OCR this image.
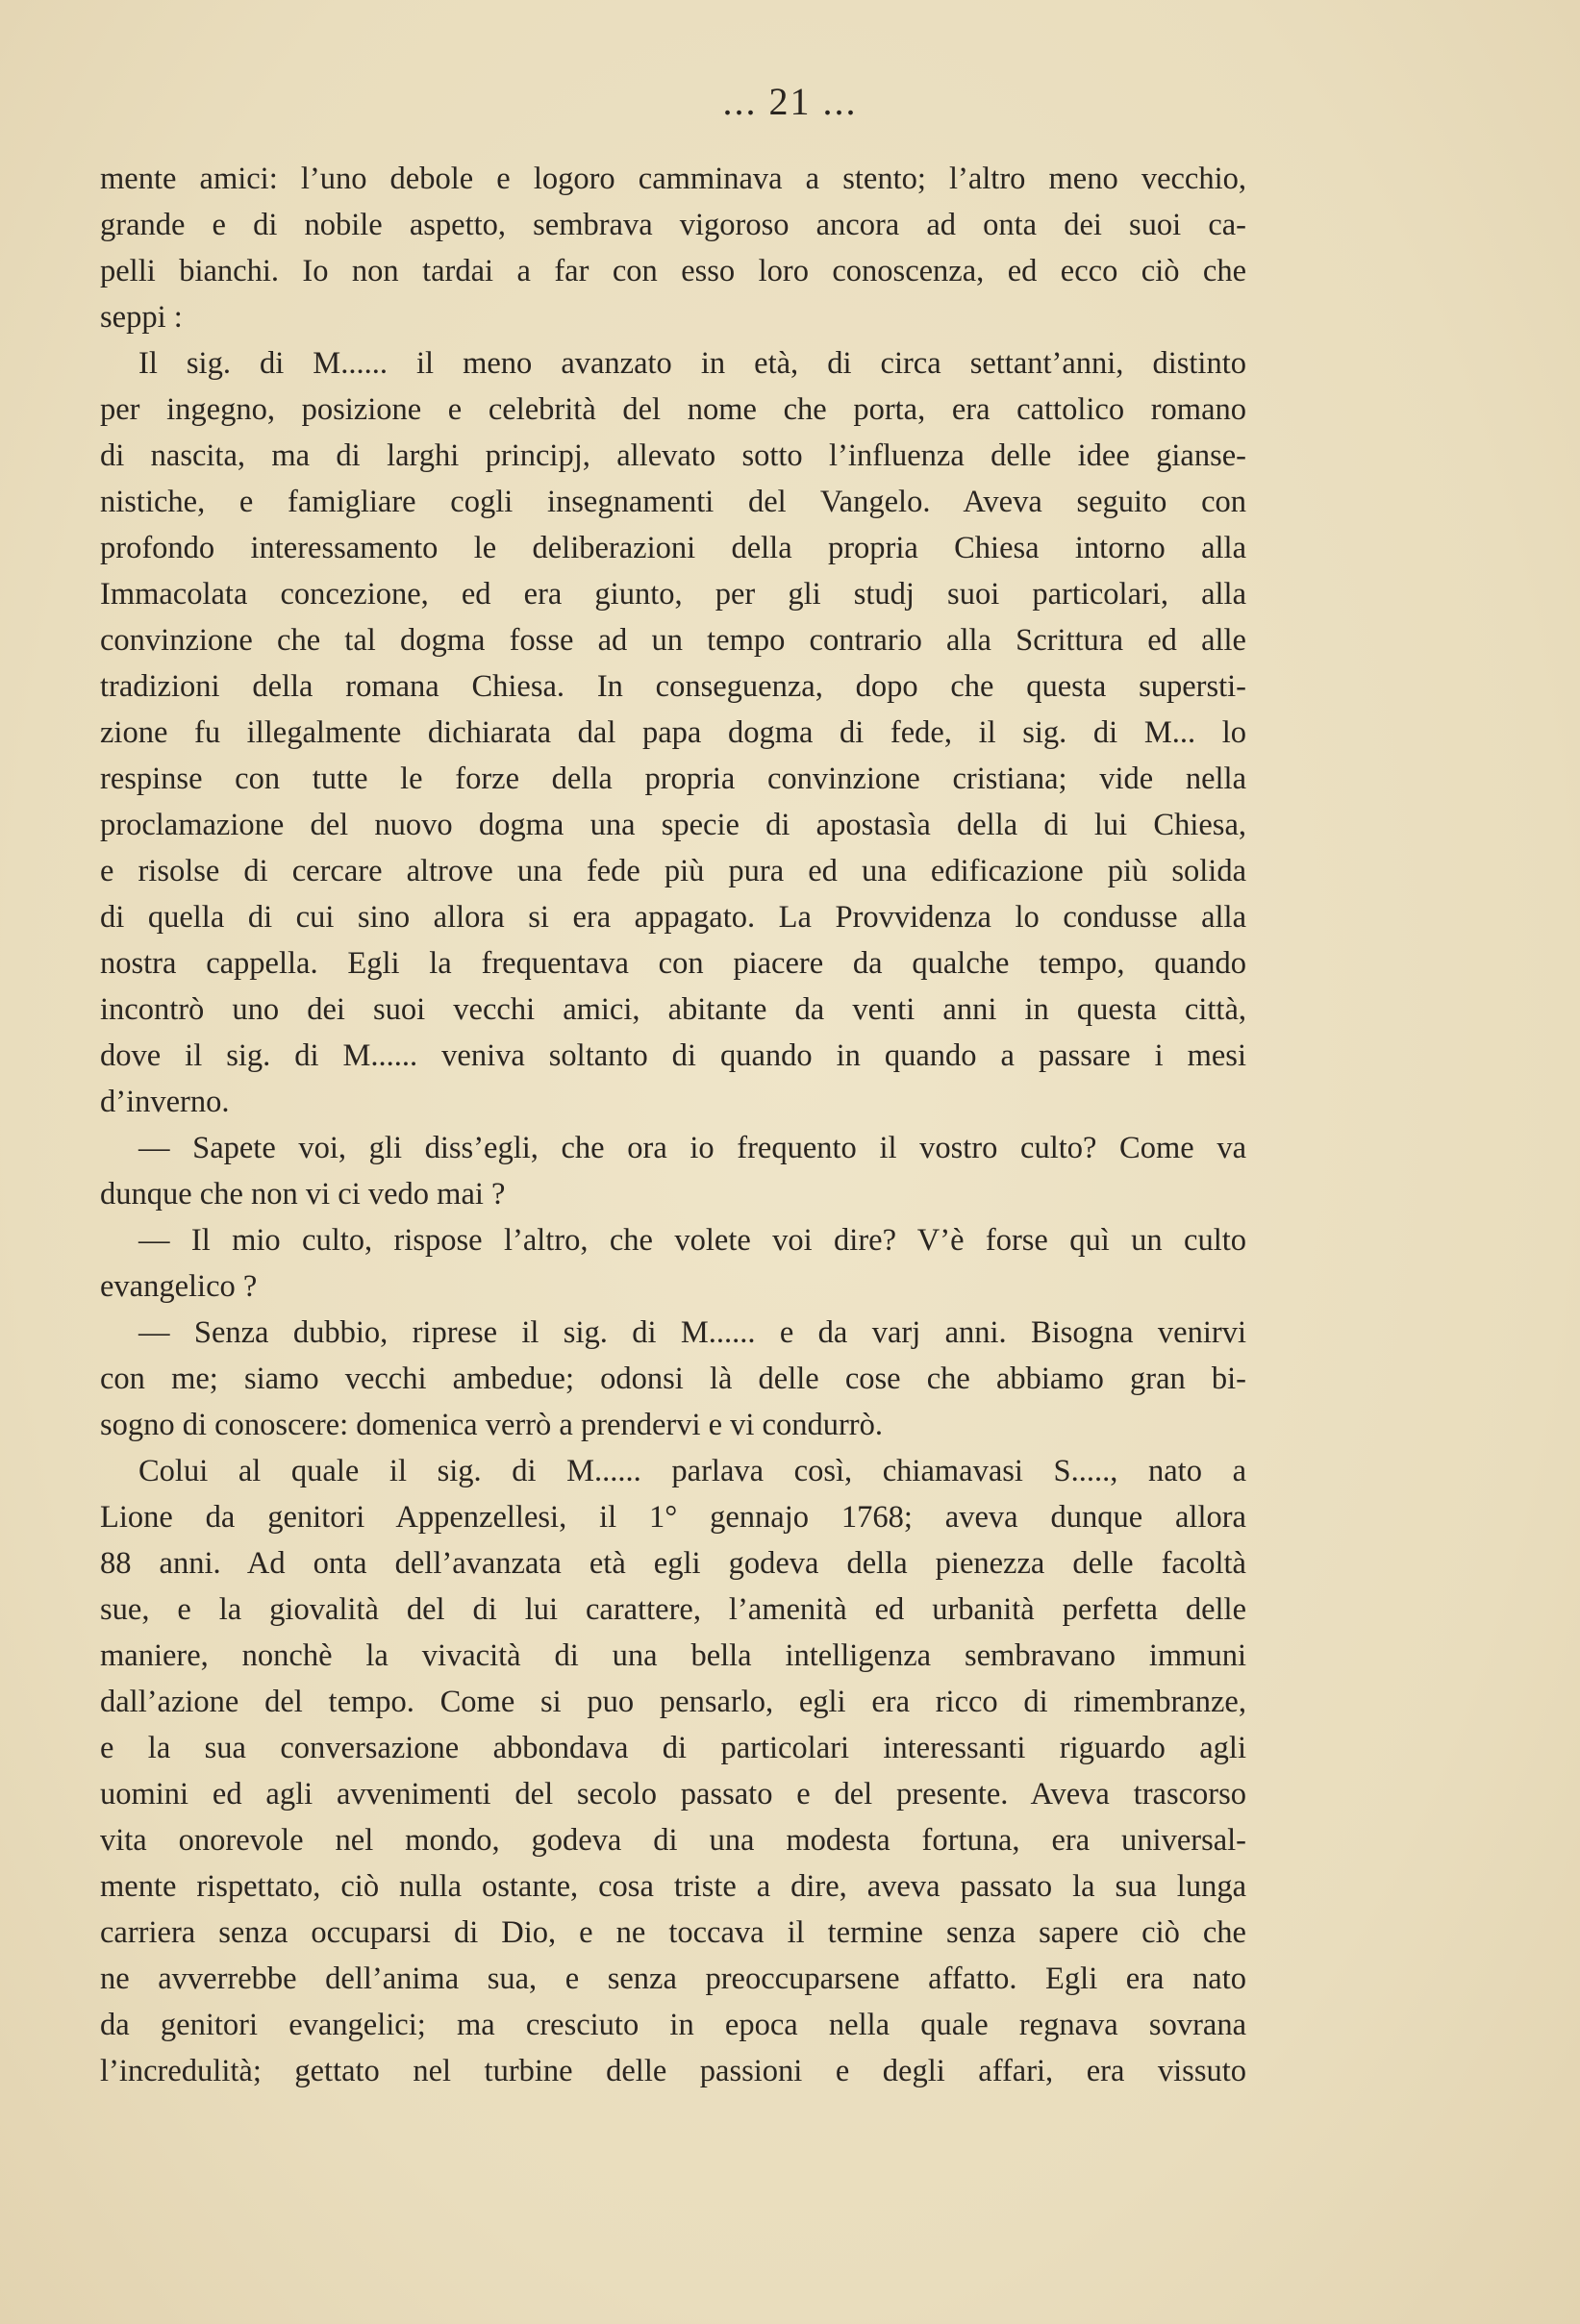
... 21 ...
mente amici: l’uno debole e logoro camminava a stento; l’altro meno vecchio,
grande e di nobile aspetto, sembrava vigoroso ancora ad onta dei suoi ca-
pelli bianchi. Io non tardai a far con esso loro conoscenza, ed ecco ciò che
seppi :
Il sig. di M...... il meno avanzato in età, di circa settant’anni, distinto
per ingegno, posizione e celebrità del nome che porta, era cattolico romano
di nascita, ma di larghi principj, allevato sotto l’influenza delle idee gianse-
nistiche, e famigliare cogli insegnamenti del Vangelo. Aveva seguito con
profondo interessamento le deliberazioni della propria Chiesa intorno alla
Immacolata concezione, ed era giunto, per gli studj suoi particolari, alla
convinzione che tal dogma fosse ad un tempo contrario alla Scrittura ed alle
tradizioni della romana Chiesa. In conseguenza, dopo che questa supersti-
zione fu illegalmente dichiarata dal papa dogma di fede, il sig. di M... lo
respinse con tutte le forze della propria convinzione cristiana; vide nella
proclamazione del nuovo dogma una specie di apostasìa della di lui Chiesa,
e risolse di cercare altrove una fede più pura ed una edificazione più solida
di quella di cui sino allora si era appagato. La Provvidenza lo condusse alla
nostra cappella. Egli la frequentava con piacere da qualche tempo, quando
incontrò uno dei suoi vecchi amici, abitante da venti anni in questa città,
dove il sig. di M...... veniva soltanto di quando in quando a passare i mesi
d’inverno.
— Sapete voi, gli diss’egli, che ora io frequento il vostro culto? Come va
dunque che non vi ci vedo mai ?
— Il mio culto, rispose l’altro, che volete voi dire? V’è forse quì un culto
evangelico ?
— Senza dubbio, riprese il sig. di M...... e da varj anni. Bisogna venirvi
con me; siamo vecchi ambedue; odonsi là delle cose che abbiamo gran bi-
sogno di conoscere: domenica verrò a prendervi e vi condurrò.
Colui al quale il sig. di M...... parlava così, chiamavasi S....., nato a
Lione da genitori Appenzellesi, il 1° gennajo 1768; aveva dunque allora
88 anni. Ad onta dell’avanzata età egli godeva della pienezza delle facoltà
sue, e la giovalità del di lui carattere, l’amenità ed urbanità perfetta delle
maniere, nonchè la vivacità di una bella intelligenza sembravano immuni
dall’azione del tempo. Come si puo pensarlo, egli era ricco di rimembranze,
e la sua conversazione abbondava di particolari interessanti riguardo agli
uomini ed agli avvenimenti del secolo passato e del presente. Aveva trascorso
vita onorevole nel mondo, godeva di una modesta fortuna, era universal-
mente rispettato, ciò nulla ostante, cosa triste a dire, aveva passato la sua lunga
carriera senza occuparsi di Dio, e ne toccava il termine senza sapere ciò che
ne avverrebbe dell’anima sua, e senza preoccuparsene affatto. Egli era nato
da genitori evangelici; ma cresciuto in epoca nella quale regnava sovrana
l’incredulità; gettato nel turbine delle passioni e degli affari, era vissuto
